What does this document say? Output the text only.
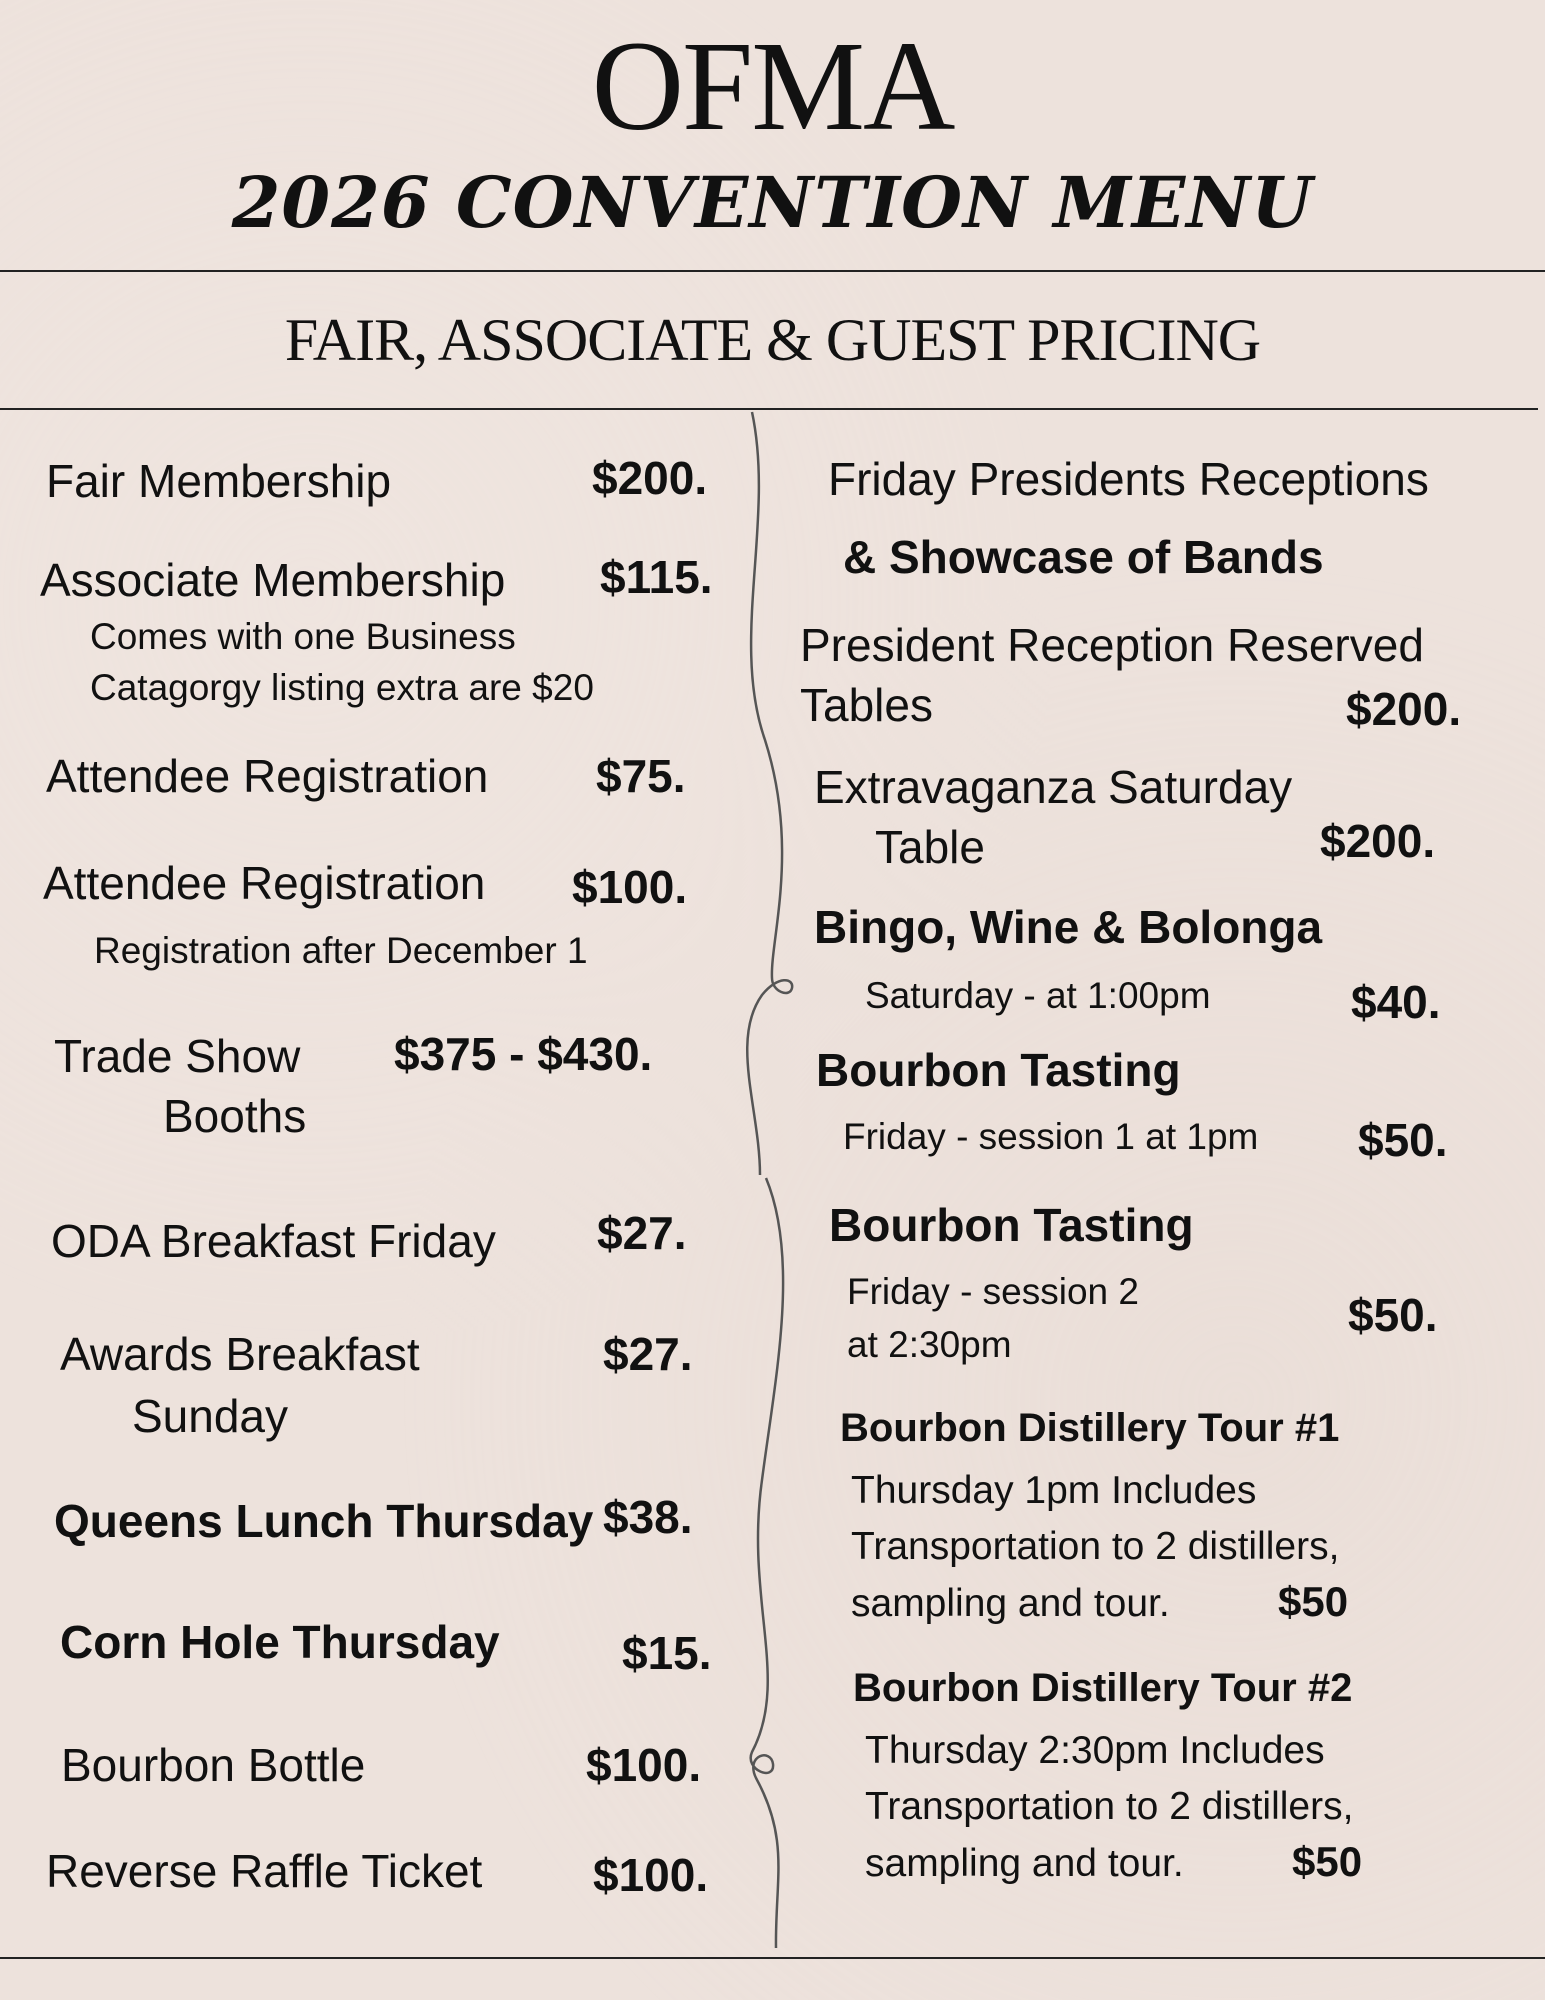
OFMA
2026 CONVENTION MENU
FAIR, ASSOCIATE & GUEST PRICING
Fair Membership	$200.
Associate Membership $115.
Comes with one Business
Catagorgy listing extra are $20
Attendee Registration $75.
Attendee Registration $100.
Registration after December 1
Trade Show
Booths
$375 - $430.
ODA Breakfast Friday $27.
Awards Breakfast
Sunday
$27.
Queens Lunch Thursday $38.
Corn Hole Thursday	$15.
Bourbon Bottle	$100.
Reverse Raffle Ticket $100.
Friday Presidents Receptions
& Showcase of Bands
President Reception Reserved
Tables	$200.
Extravaganza Saturday
Table	$200.
Bingo, Wine & Bolonga
Saturday - at 1:00pm	$40.
Bourbon Tasting
Friday - session 1 at 1pm $50.
Bourbon Tasting
Friday - session 2
at 2:30pm
$50.
Bourbon Distillery Tour #1
Thursday 1pm Includes
Transportation to 2 distillers,
sampling and tour.	$50
Bourbon Distillery Tour #2
Thursday 2:30pm Includes
Transportation to 2 distillers,
sampling and tour.	$50
